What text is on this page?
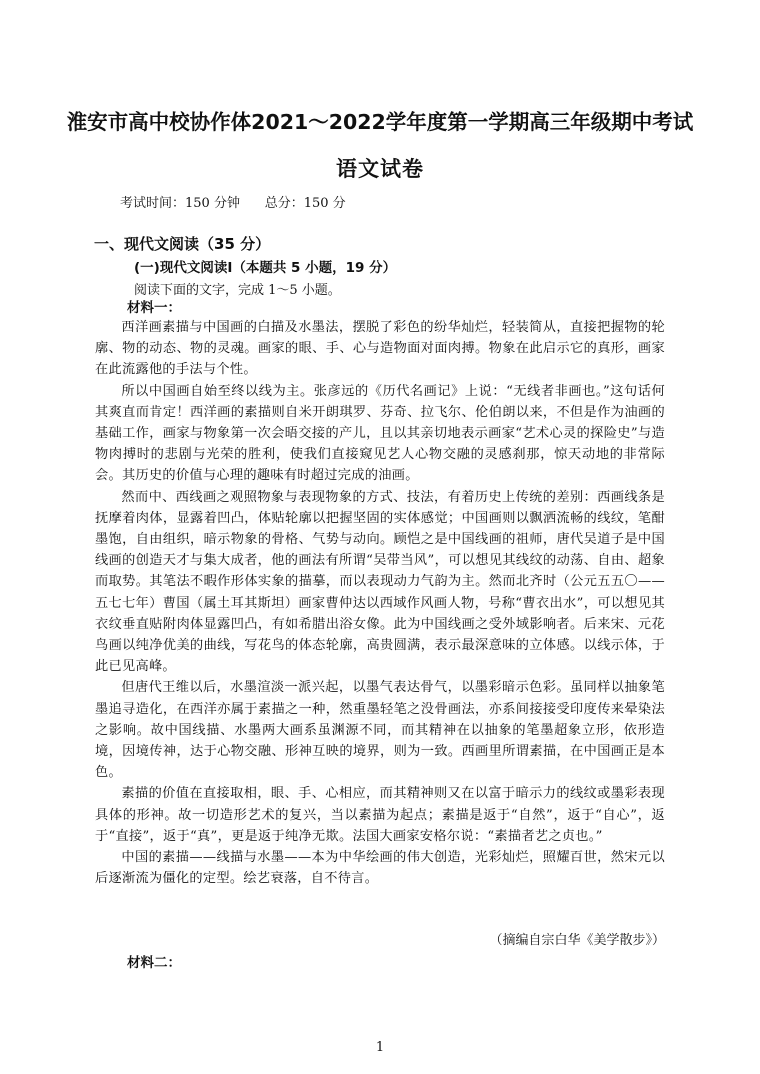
淮安市高中校协作体2021～2022学年度第一学期高三年级期中考试
语文试卷
考试时间：150 分钟      总分：150 分
一、现代文阅读（35 分）
(一)现代文阅读Ⅰ（本题共 5 小题，19 分）
阅读下面的文字，完成 1～5 小题。
材料一：

西洋画素描与中国画的白描及水墨法，摆脱了彩色的纷华灿烂，轻装简从，直接把握物的轮廓、物的动态、物的灵魂。画家的眼、手、心与造物面对面肉搏。物象在此启示它的真形，画家在此流露他的手法与个性。

所以中国画自始至终以线为主。张彦远的《历代名画记》上说：“无线者非画也。”这句话何其爽直而肯定！西洋画的素描则自米开朗琪罗、芬奇、拉飞尔、伦伯朗以来，不但是作为油画的基础工作，画家与物象第一次会晤交接的产儿，且以其亲切地表示画家“艺术心灵的探险史”与造物肉搏时的悲剧与光荣的胜利，使我们直接窥见艺人心物交融的灵感刹那，惊天动地的非常际会。其历史的价值与心理的趣味有时超过完成的油画。

然而中、西线画之观照物象与表现物象的方式、技法，有着历史上传统的差别：西画线条是抚摩着肉体，显露着凹凸，体贴轮廓以把握坚固的实体感觉；中国画则以飘洒流畅的线纹，笔酣墨饱，自由组织，暗示物象的骨格、气势与动向。顾恺之是中国线画的祖师，唐代吴道子是中国线画的创造天才与集大成者，他的画法有所谓“吴带当风”，可以想见其线纹的动荡、自由、超象而取势。其笔法不暇作形体实象的描摹，而以表现动力气韵为主。然而北齐时（公元五五〇——五七七年）曹国（属土耳其斯坦）画家曹仲达以西域作风画人物，号称“曹衣出水”，可以想见其衣纹垂直贴附肉体显露凹凸，有如希腊出浴女像。此为中国线画之受外域影响者。后来宋、元花鸟画以纯净优美的曲线，写花鸟的体态轮廓，高贵圆满，表示最深意味的立体感。以线示体，于此已见高峰。

但唐代王维以后，水墨渲淡一派兴起，以墨气表达骨气，以墨彩暗示色彩。虽同样以抽象笔墨追寻造化，在西洋亦属于素描之一种，然重墨轻笔之没骨画法，亦系间接接受印度传来晕染法之影响。故中国线描、水墨两大画系虽渊源不同，而其精神在以抽象的笔墨超象立形，依形造境，因境传神，达于心物交融、形神互映的境界，则为一致。西画里所谓素描，在中国画正是本色。

素描的价值在直接取相，眼、手、心相应，而其精神则又在以富于暗示力的线纹或墨彩表现具体的形神。故一切造形艺术的复兴，当以素描为起点；素描是返于“自然”，返于“自心”，返于“直接”，返于“真”，更是返于纯净无欺。法国大画家安格尔说：“素描者艺之贞也。”

中国的素描——线描与水墨——本为中华绘画的伟大创造，光彩灿烂，照耀百世，然宋元以后逐渐流为僵化的定型。绘艺衰落，自不待言。

（摘编自宗白华《美学散步》）
材料二：
1
